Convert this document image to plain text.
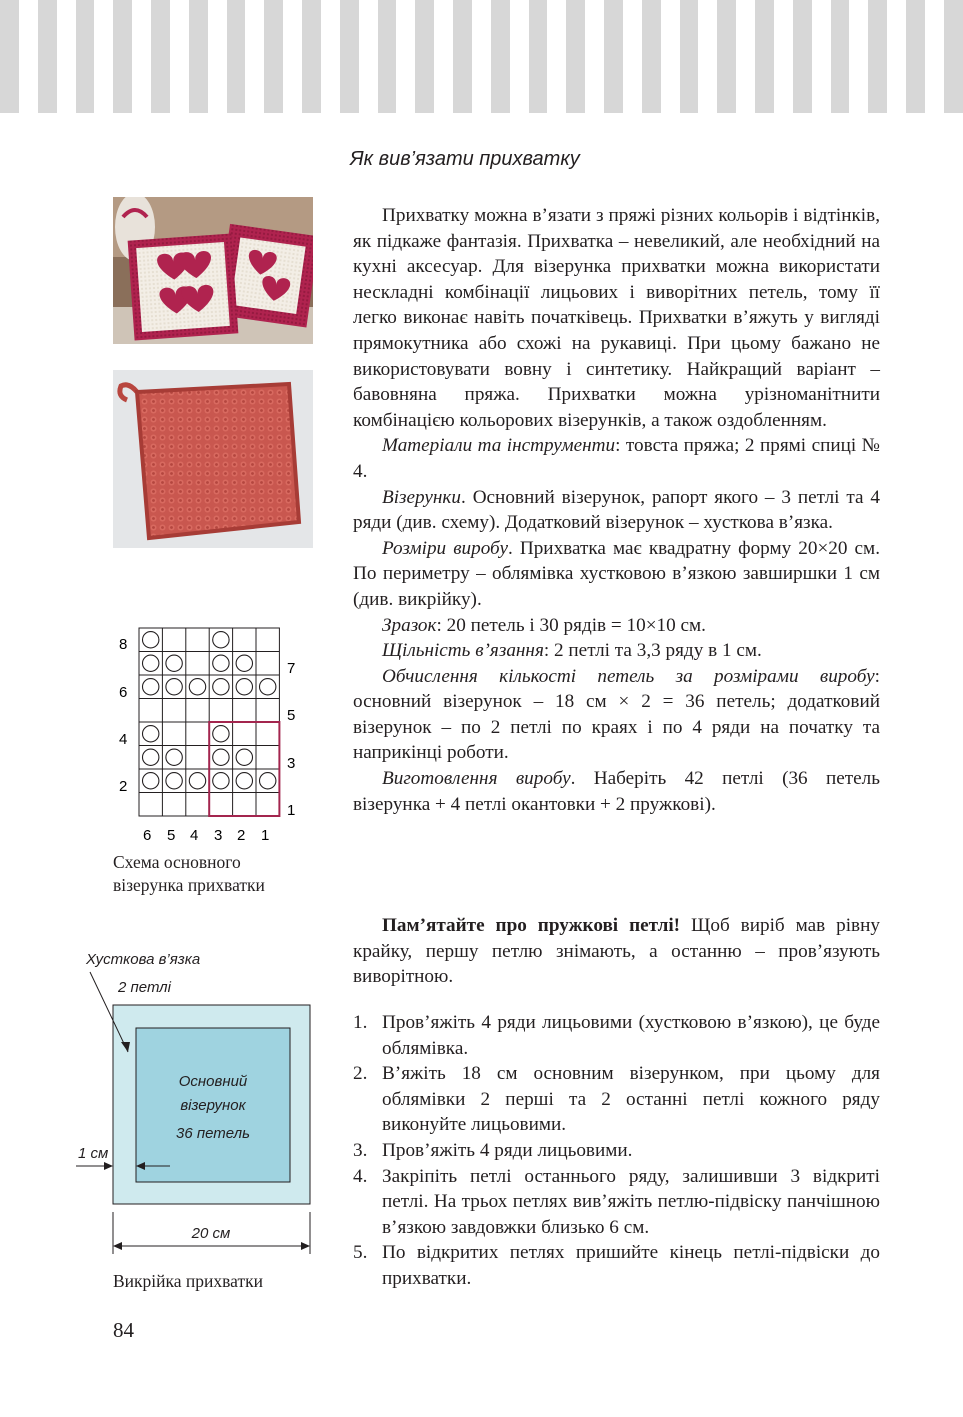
Як вив’язати прихватку
8
6
4
2
7
5
3
1
6 5 4 3 2 1
Схема основного
візерунка прихватки
Хусткова в’язка
2 петлі
Основний
візерунок
36 петель
1 см
20 см
Викрійка прихватки

Прихватку можна в’язати з пряжі різних кольорів і відтінків, як підкаже фантазія. Прихватка – невеликий, але необхідний на кухні аксесуар. Для візерунка прихватки можна використати нескладні комбінації лицьових і виворітних петель, тому її легко виконає навіть початківець. Прихватки в’яжуть у вигляді прямокутника або схожі на рукавиці. При цьому бажано не використовувати вовну і синтетику. Найкращий варіант – бавовняна пряжа. Прихватки можна урізноманітнити комбінацією кольорових візерунків, а також оздобленням.

Матеріали та інструменти: товста пряжа; 2 прямі спиці № 4.

Візерунки. Основний візерунок, рапорт якого – 3 петлі та 4 ряди (див. схему). Додатковий візерунок – хусткова в’язка.

Розміри виробу. Прихватка має квадратну форму 20×20 см. По периметру – облямівка хустковою в’язкою завширшки 1 см (див. викрійку).

Зразок: 20 петель і 30 рядів = 10×10 см.

Щільність в’язання: 2 петлі та 3,3 ряду в 1 см.

Обчислення кількості петель за розмірами виробу: основний візерунок – 18 см × 2 = 36 петель; додатковий візерунок – по 2 петлі по краях і по 4 ряди на початку та наприкінці роботи.

Виготовлення виробу. Наберіть 42 петлі (36 петель візерунка + 4 петлі окантовки + 2 пружкові).

Пам’ятайте про пружкові петлі! Щоб виріб мав рівну крайку, першу петлю знімають, а останню – пров’язують виворітною.

1. Пров’яжіть 4 ряди лицьовими (хустковою в’язкою), це буде облямівка.
2. В’яжіть 18 см основним візерунком, при цьому для облямівки 2 перші та 2 останні петлі кожного ряду виконуйте лицьовими.
3. Пров’яжіть 4 ряди лицьовими.
4. Закріпіть петлі останнього ряду, залишивши 3 відкриті петлі. На трьох петлях вив’яжіть петлю-підвіску панчішною в’язкою завдовжки близько 6 см.
5. По відкритих петлях пришийте кінець петлі-підвіски до прихватки.
84
